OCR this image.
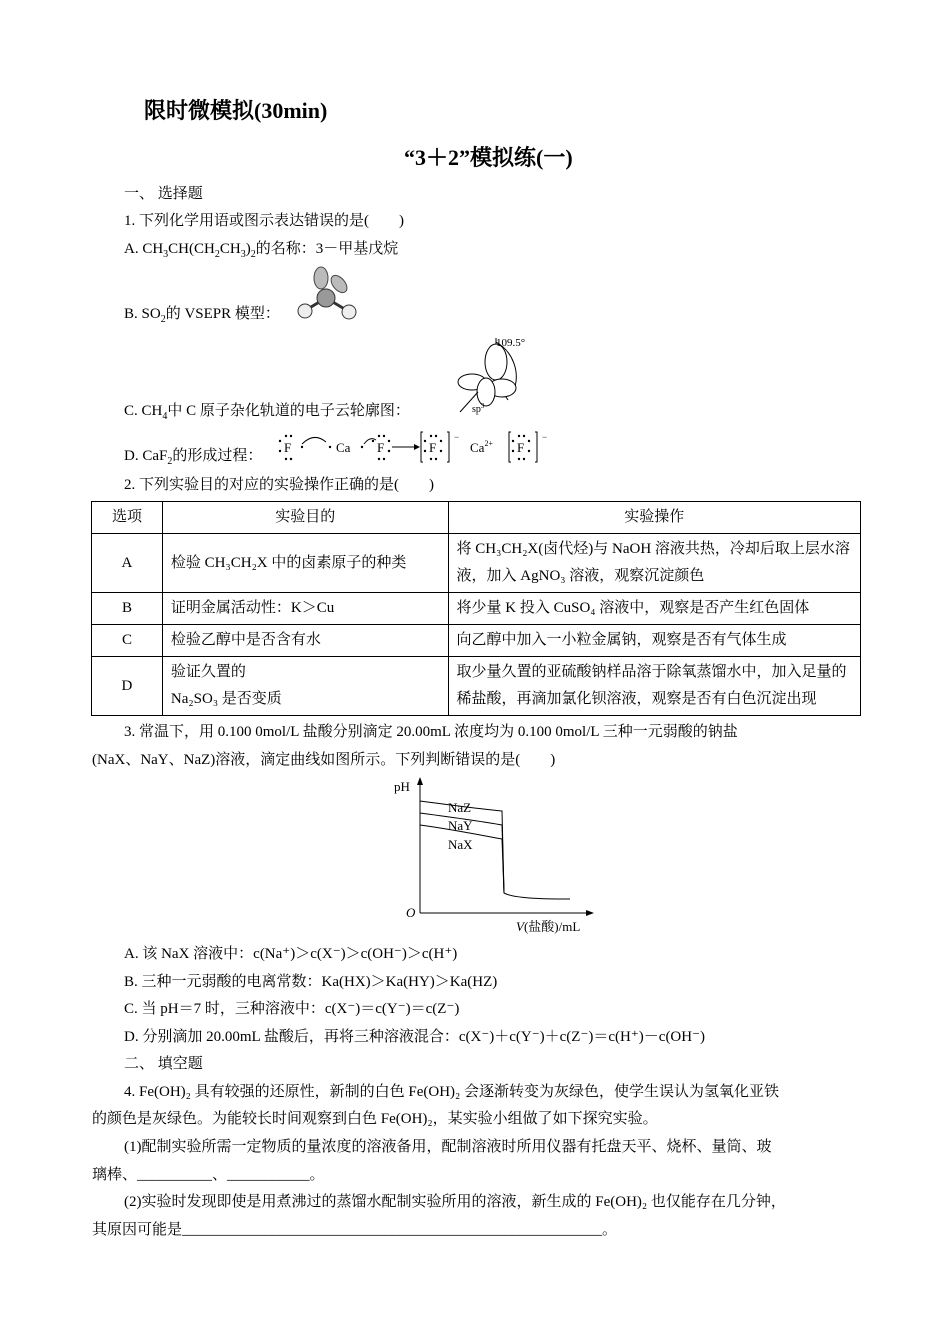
限时微模拟(30min)
“3＋2”模拟练(一)
一、 选择题
1. 下列化学用语或图示表达错误的是(　　)
A. $CH_3CH(CH_2CH_3)_2$的名称：3－甲基戊烷
B. $SO_2$的 VSEPR 模型：
C. $CH_4$中 C 原子杂化轨道的电子云轮廓图：
109.5°
$sp^3$
D. CaF$_2$的形成过程：
F	Ca F	F	$Ca^{2+}$ F
−	−
2. 下列实验目的对应的实验操作正确的是(　　)
选项	实验目的	实验操作
A	检验 CH₃CH₂X 中的卤素原子的种类	将 CH₃CH₂X(卤代烃)与 NaOH 溶液共热，冷却后取上层水溶液，加入 AgNO₃ 溶液，观察沉淀颜色
B	证明金属活动性：K＞Cu	将少量 K 投入 CuSO₄ 溶液中，观察是否产生红色固体
C	检验乙醇中是否含有水	向乙醇中加入一小粒金属钠，观察是否有气体生成
D	验证久置的
Na₂SO₃ 是否变质	取少量久置的亚硫酸钠样品溶于除氧蒸馏水中，加入足量的稀盐酸，再滴加氯化钡溶液，观察是否有白色沉淀出现
3. 常温下，用 0.100 0mol/L 盐酸分别滴定 20.00mL 浓度均为 0.100 0mol/L 三种一元弱酸的钠盐
(NaX、NaY、NaZ)溶液，滴定曲线如图所示。下列判断错误的是(　　)
pH
O
V(盐酸)/mL
NaZ
NaY
NaX
A. 该 NaX 溶液中：c(Na⁺)＞c(X⁻)＞c(OH⁻)＞c(H⁺)
B. 三种一元弱酸的电离常数：Ka(HX)＞Ka(HY)＞Ka(HZ)
C. 当 pH＝7 时，三种溶液中：c(X⁻)＝c(Y⁻)＝c(Z⁻)
D. 分别滴加 20.00mL 盐酸后，再将三种溶液混合：c(X⁻)＋c(Y⁻)＋c(Z⁻)＝c(H⁺)－c(OH⁻)
二、 填空题
4. Fe(OH)₂ 具有较强的还原性，新制的白色 Fe(OH)₂ 会逐渐转变为灰绿色，使学生误认为氢氧化亚铁
的颜色是灰绿色。为能较长时间观察到白色 Fe(OH)₂，某实验小组做了如下探究实验。
(1)配制实验所需一定物质的量浓度的溶液备用，配制溶液时所用仪器有托盘天平、烧杯、量筒、玻
璃棒、__________、___________。
(2)实验时发现即使是用煮沸过的蒸馏水配制实验所用的溶液，新生成的 Fe(OH)₂ 也仅能存在几分钟，
其原因可能是________________________________________________________。
